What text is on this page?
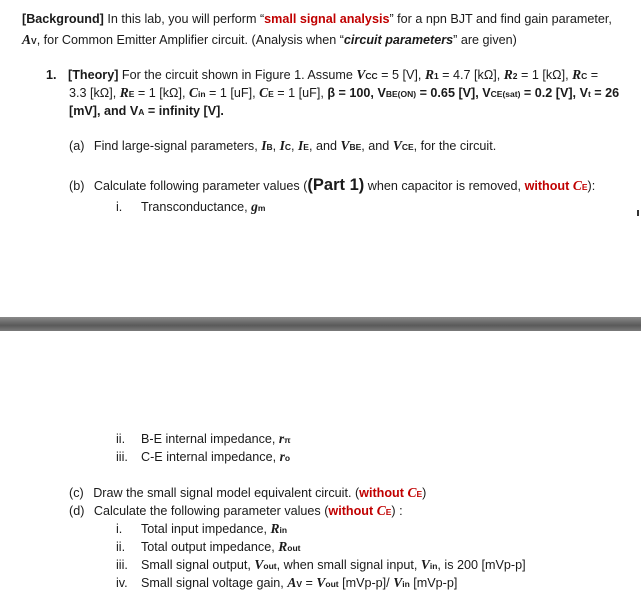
[Background] In this lab, you will perform “small signal analysis” for a npn BJT and find gain parameter,
AV, for Common Emitter Amplifier circuit. (Analysis when “circuit parameters” are given)
1. [Theory] For the circuit shown in Figure 1. Assume VCC = 5 [V], R1 = 4.7 [kΩ], R2 = 1 [kΩ], RC =
3.3 [kΩ], RE = 1 [kΩ], Cin = 1 [uF], CE = 1 [uF], β = 100, VBE(ON) = 0.65 [V], VCE(sat) = 0.2 [V], Vt = 26
[mV], and VA = infinity [V].
(a) Find large-signal parameters, IB, IC, IE, and VBE, and VCE, for the circuit.
(b) Calculate following parameter values ((Part 1) when capacitor is removed, without CE):
i. Transconductance, gm
ii. B-E internal impedance, rπ
iii. C-E internal impedance, ro
(c) Draw the small signal model equivalent circuit. (without CE)
(d) Calculate the following parameter values (without CE) :
i. Total input impedance, Rin
ii. Total output impedance, Rout
iii. Small signal output, Vout, when small signal input, Vin, is 200 [mVp-p]
iv. Small signal voltage gain, AV = Vout [mVp-p]/ Vin [mVp-p]
